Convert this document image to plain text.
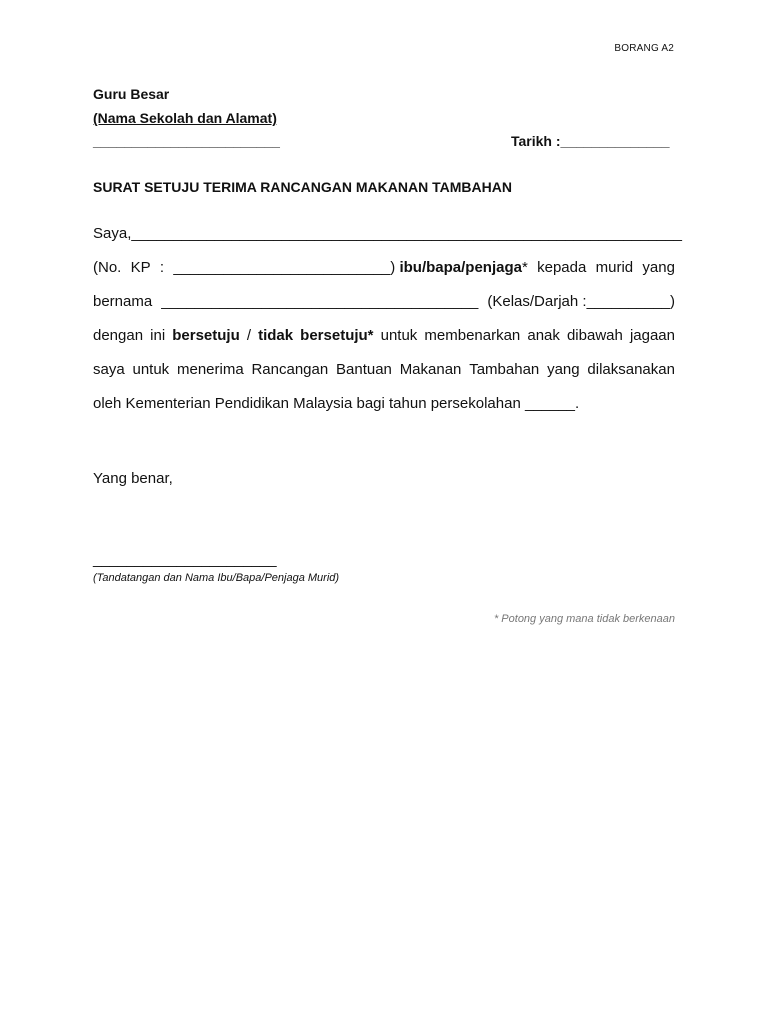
BORANG A2
Guru Besar
(Nama Sekolah dan Alamat)
________________________	Tarikh :______________
SURAT SETUJU TERIMA RANCANGAN MAKANAN TAMBAHAN
Saya, __________________________________________________________________
(No. KP : __________________________) ibu/bapa/penjaga* kepada murid yang
bernama ______________________________________ (Kelas/Darjah :__________)
dengan ini bersetuju / tidak bersetuju* untuk membenarkan anak dibawah jagaan
saya untuk menerima Rancangan Bantuan Makanan Tambahan yang dilaksanakan
oleh Kementerian Pendidikan Malaysia bagi tahun persekolahan ______.
Yang benar,
______________________
(Tandatangan dan Nama Ibu/Bapa/Penjaga Murid)
* Potong yang mana tidak berkenaan
